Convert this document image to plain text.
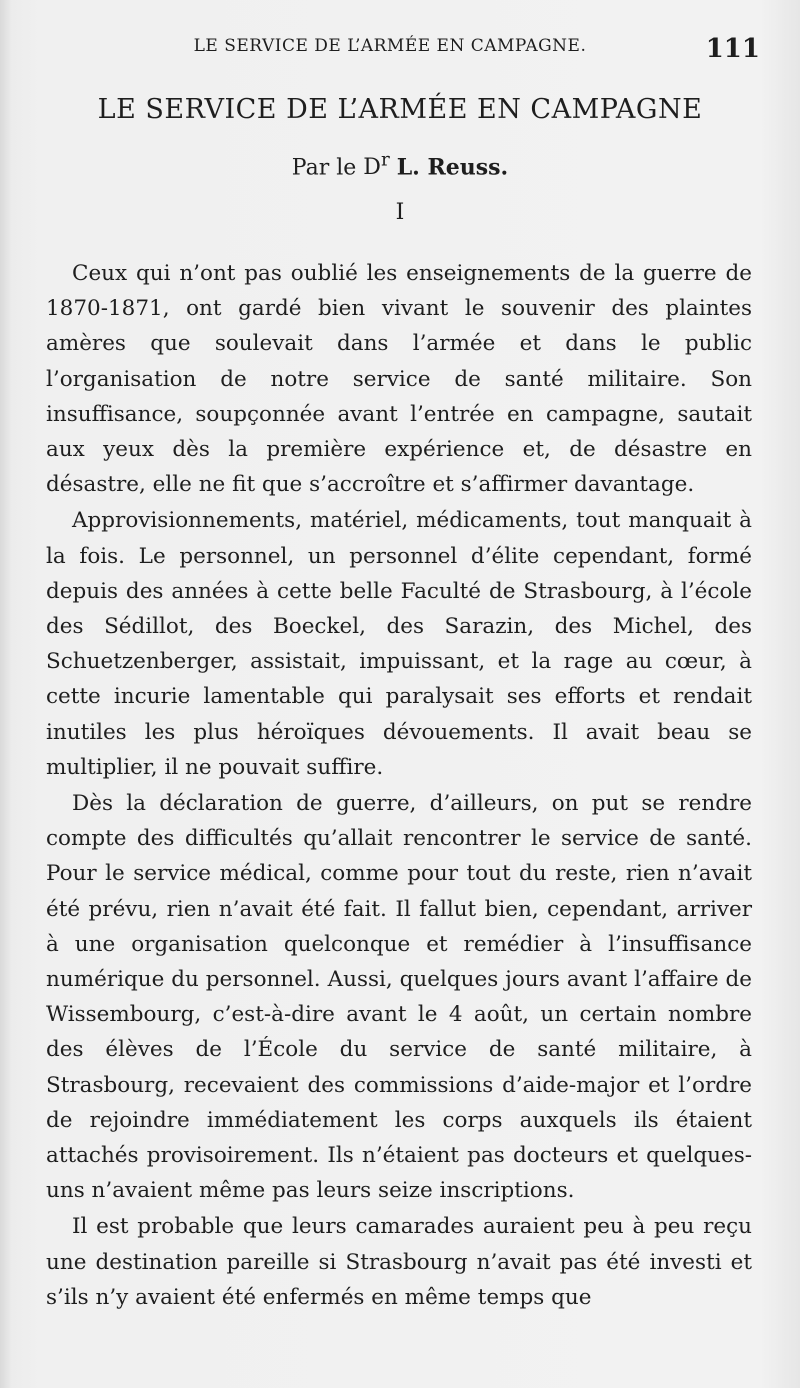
LE SERVICE DE L’ARMÉE EN CAMPAGNE.	111
LE SERVICE DE L’ARMÉE EN CAMPAGNE
Par le $D^r$ L. Reuss.
I

Ceux qui n’ont pas oublié les enseignements de la guerre de 1870-1871, ont gardé bien vivant le souvenir des plaintes amères que soulevait dans l’armée et dans le public l’organisation de notre service de santé militaire. Son insuffisance, soupçonnée avant l’entrée en campagne, sautait aux yeux dès la première expérience et, de désastre en désastre, elle ne fit que s’accroître et s’affirmer davantage.

Approvisionnements, matériel, médicaments, tout manquait à la fois. Le personnel, un personnel d’élite cependant, formé depuis des années à cette belle Faculté de Strasbourg, à l’école des Sédillot, des Boeckel, des Sarazin, des Michel, des Schuetzenberger, assistait, impuissant, et la rage au cœur, à cette incurie lamentable qui paralysait ses efforts et rendait inutiles les plus héroïques dévouements. Il avait beau se multiplier, il ne pouvait suffire.

Dès la déclaration de guerre, d’ailleurs, on put se rendre compte des difficultés qu’allait rencontrer le service de santé. Pour le service médical, comme pour tout du reste, rien n’avait été prévu, rien n’avait été fait. Il fallut bien, cependant, arriver à une organisation quelconque et remédier à l’insuffisance numérique du personnel. Aussi, quelques jours avant l’affaire de Wissembourg, c’est-à-dire avant le 4 août, un certain nombre des élèves de l’École du service de santé militaire, à Strasbourg, recevaient des commissions d’aide-major et l’ordre de rejoindre immédiatement les corps auxquels ils étaient attachés provisoirement. Ils n’étaient pas docteurs et quelques-uns n’avaient même pas leurs seize inscriptions.

Il est probable que leurs camarades auraient peu à peu reçu une destination pareille si Strasbourg n’avait pas été investi et s’ils n’y avaient été enfermés en même temps que
